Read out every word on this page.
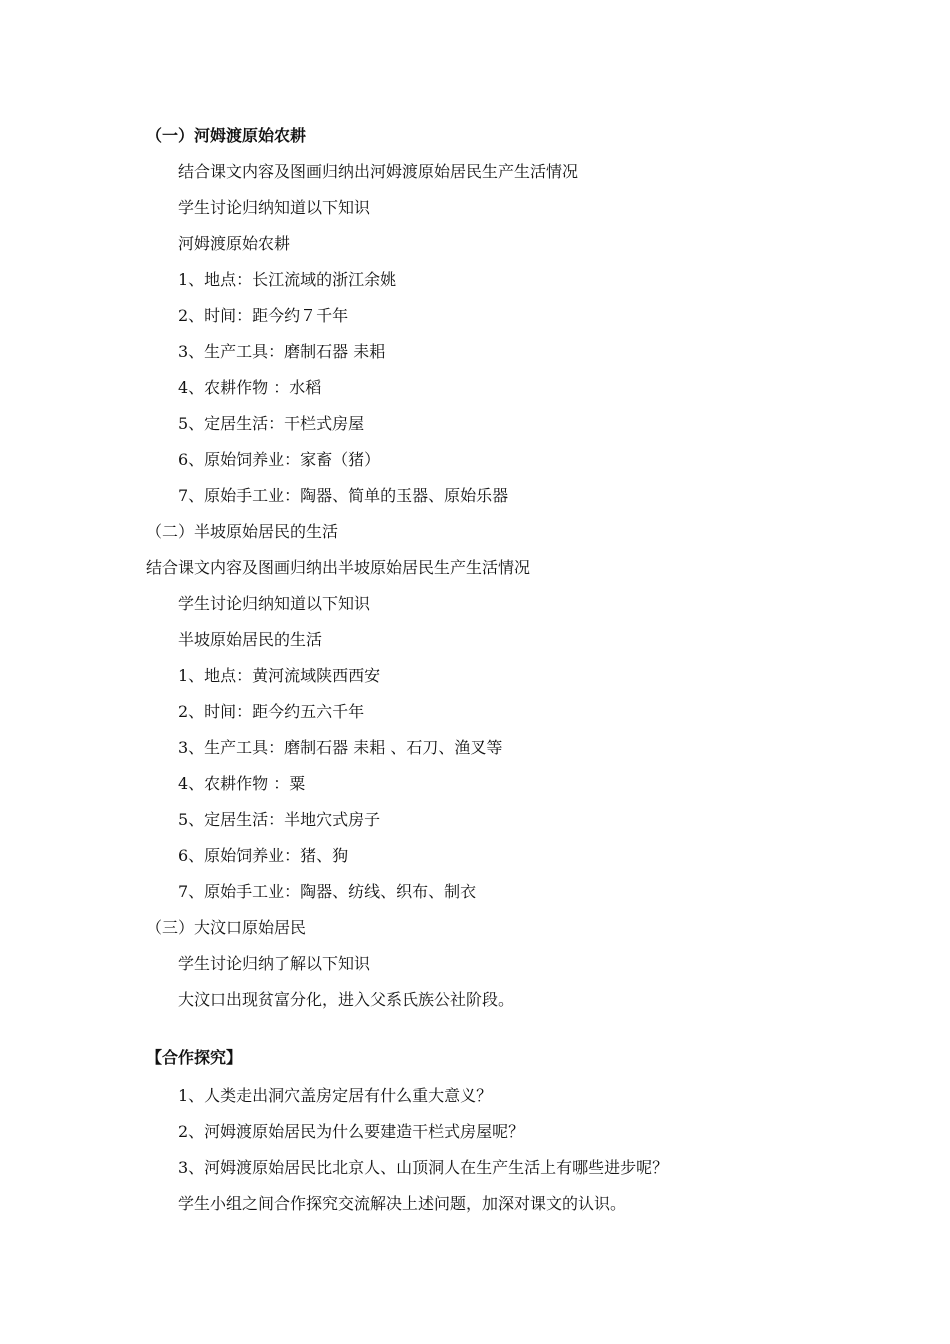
（一）河姆渡原始农耕
结合课文内容及图画归纳出河姆渡原始居民生产生活情况
学生讨论归纳知道以下知识
河姆渡原始农耕
1、地点：长江流域的浙江余姚
2、时间：距今约７千年
3、生产工具：磨制石器 耒耜
4、农耕作物 ：水稻
5、定居生活：干栏式房屋
6、原始饲养业：家畜（猪）
7、原始手工业：陶器、简单的玉器、原始乐器
（二）半坡原始居民的生活
结合课文内容及图画归纳出半坡原始居民生产生活情况
学生讨论归纳知道以下知识
半坡原始居民的生活
1、地点：黄河流域陕西西安
2、时间：距今约五六千年
3、生产工具：磨制石器 耒耜 、石刀、渔叉等
4、农耕作物 ：粟
5、定居生活：半地穴式房子
6、原始饲养业：猪、狗
7、原始手工业：陶器、纺线、织布、制衣
（三）大汶口原始居民
学生讨论归纳了解以下知识
大汶口出现贫富分化，进入父系氏族公社阶段。
【合作探究】
1、人类走出洞穴盖房定居有什么重大意义？
2、河姆渡原始居民为什么要建造干栏式房屋呢？
3、河姆渡原始居民比北京人、山顶洞人在生产生活上有哪些进步呢？
学生小组之间合作探究交流解决上述问题，加深对课文的认识。
